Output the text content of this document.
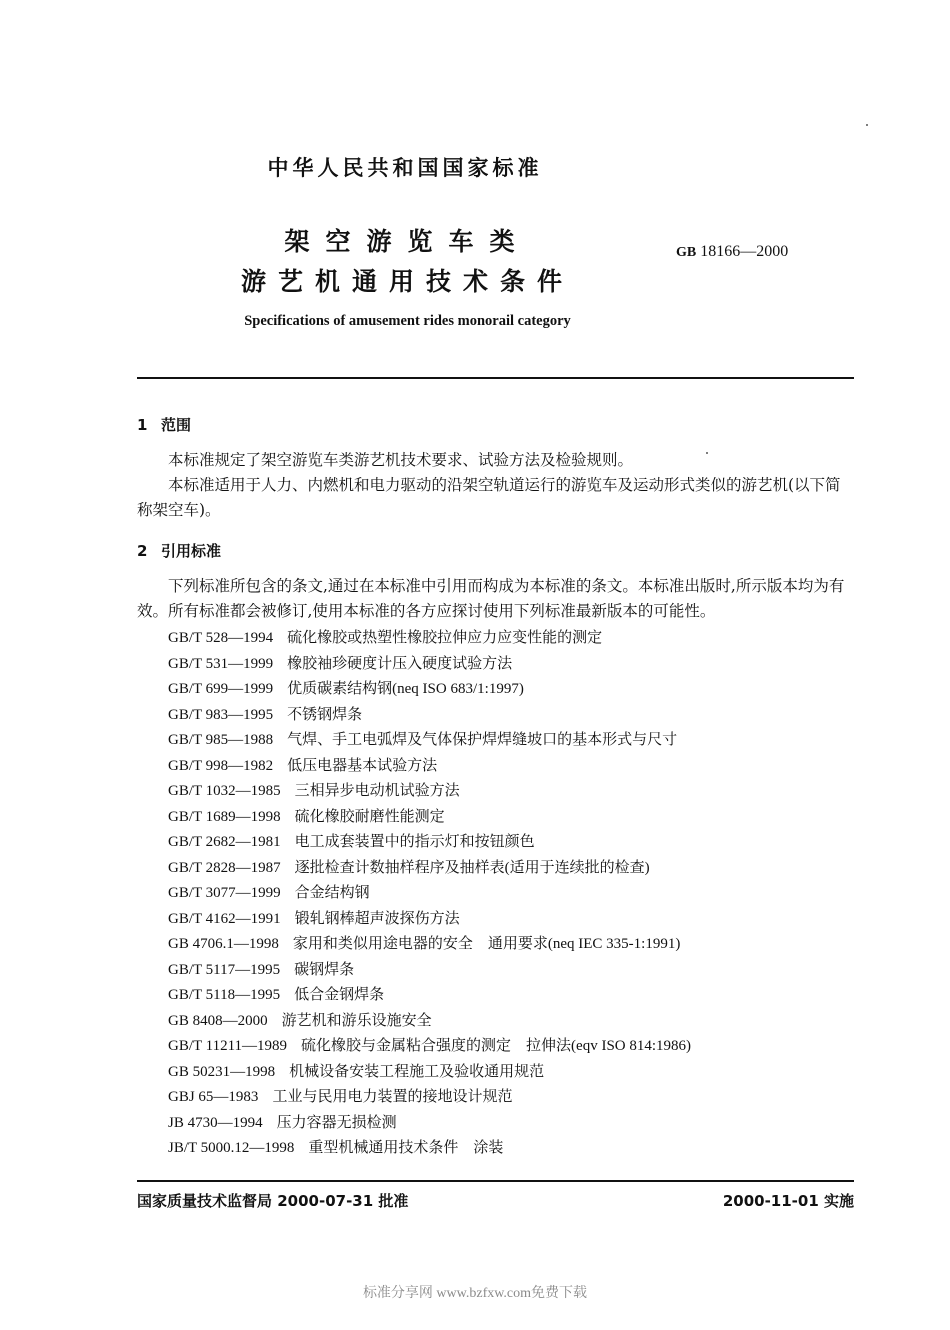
中华人民共和国国家标准
架空游览车类
游艺机通用技术条件
GB 18166—2000
Specifications of amusement rides monorail category
1 范围

本标准规定了架空游览车类游艺机技术要求、试验方法及检验规则。

本标准适用于人力、内燃机和电力驱动的沿架空轨道运行的游览车及运动形式类似的游艺机(以下简称架空车)。

2 引用标准

下列标准所包含的条文,通过在本标准中引用而构成为本标准的条文。本标准出版时,所示版本均为有效。所有标准都会被修订,使用本标准的各方应探讨使用下列标准最新版本的可能性。

GB/T 528—1994 硫化橡胶或热塑性橡胶拉伸应力应变性能的测定
GB/T 531—1999 橡胶袖珍硬度计压入硬度试验方法
GB/T 699—1999 优质碳素结构钢(neq ISO 683/1:1997)
GB/T 983—1995 不锈钢焊条
GB/T 985—1988 气焊、手工电弧焊及气体保护焊焊缝坡口的基本形式与尺寸
GB/T 998—1982 低压电器基本试验方法
GB/T 1032—1985 三相异步电动机试验方法
GB/T 1689—1998 硫化橡胶耐磨性能测定
GB/T 2682—1981 电工成套装置中的指示灯和按钮颜色
GB/T 2828—1987 逐批检查计数抽样程序及抽样表(适用于连续批的检查)
GB/T 3077—1999 合金结构钢
GB/T 4162—1991 锻轧钢棒超声波探伤方法
GB 4706.1—1998 家用和类似用途电器的安全　通用要求(neq IEC 335-1:1991)
GB/T 5117—1995 碳钢焊条
GB/T 5118—1995 低合金钢焊条
GB 8408—2000 游艺机和游乐设施安全
GB/T 11211—1989 硫化橡胶与金属粘合强度的测定　拉伸法(eqv ISO 814:1986)
GB 50231—1998 机械设备安装工程施工及验收通用规范
GBJ 65—1983 工业与民用电力装置的接地设计规范
JB 4730—1994 压力容器无损检测
JB/T 5000.12—1998 重型机械通用技术条件　涂装
国家质量技术监督局 2000-07-31 批准	2000-11-01 实施
标准分享网 www.bzfxw.com免费下载
